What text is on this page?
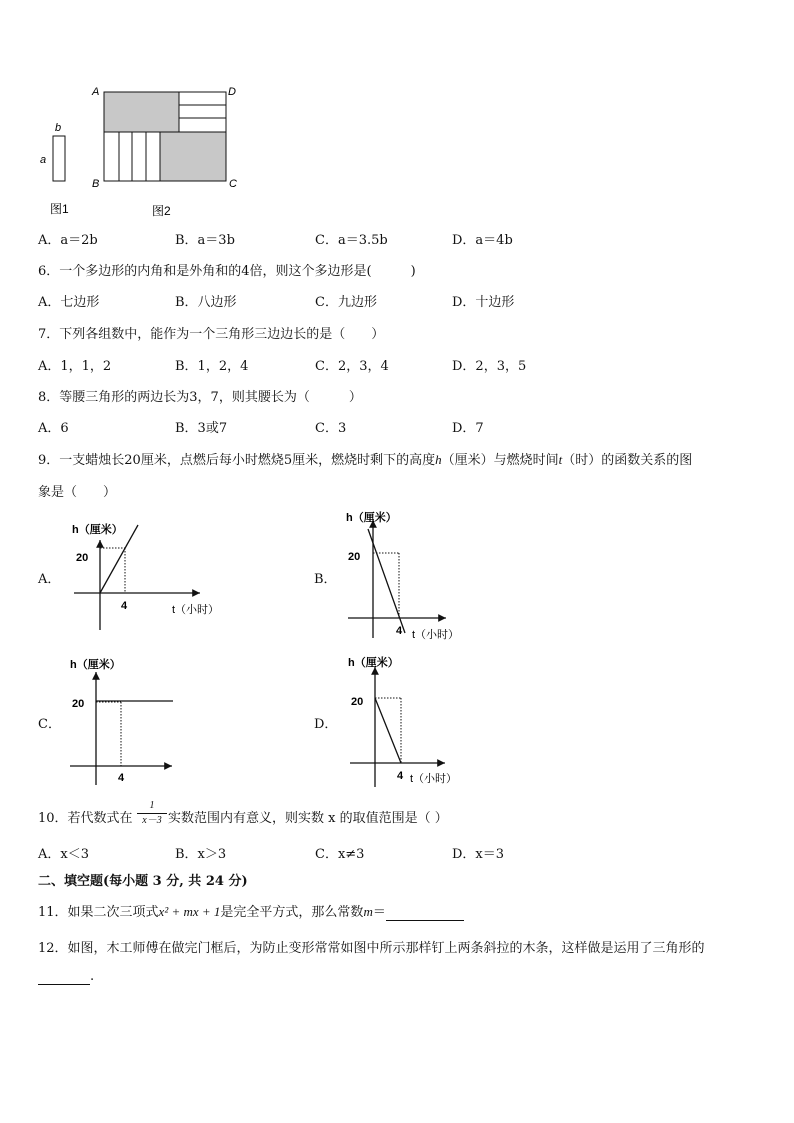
b
a
A	D
B	C
图1	图2
A．a＝2b	B．a＝3b	C．a＝3.5b	D．a＝4b
6．一个多边形的内角和是外角和的4倍，则这个多边形是(　　　)
A．七边形	B．八边形	C．九边形	D．十边形
7．下列各组数中，能作为一个三角形三边边长的是（　　）
A．1，1，2	B．1，2，4	C．2，3，4	D．2，3，5
8．等腰三角形的两边长为3，7，则其腰长为（　　　）
A．6	B．3或7	C．3	D．7
9．一支蜡烛长20厘米，点燃后每小时燃烧5厘米，燃烧时剩下的高度h（厘米）与燃烧时间t（时）的函数关系的图
象是（　　）
A．	B．
C．	D．
h（厘米）
20
4	t（小时）
h（厘米）
20
4 t（小时）
h（厘米）
20
4
h（厘米）
20
4 t（小时）
10．若代数式在
1
x－3 实数范围内有意义，则实数 x 的取值范围是（ ）
A．x＜3	B．x＞3	C．x≠3	D．x＝3
二、填空题(每小题 3 分, 共 24 分)
11．如果二次三项式x² + mx + 1是完全平方式，那么常数m＝
12．如图，木工师傅在做完门框后，为防止变形常常如图中所示那样钉上两条斜拉的木条，这样做是运用了三角形的
.
